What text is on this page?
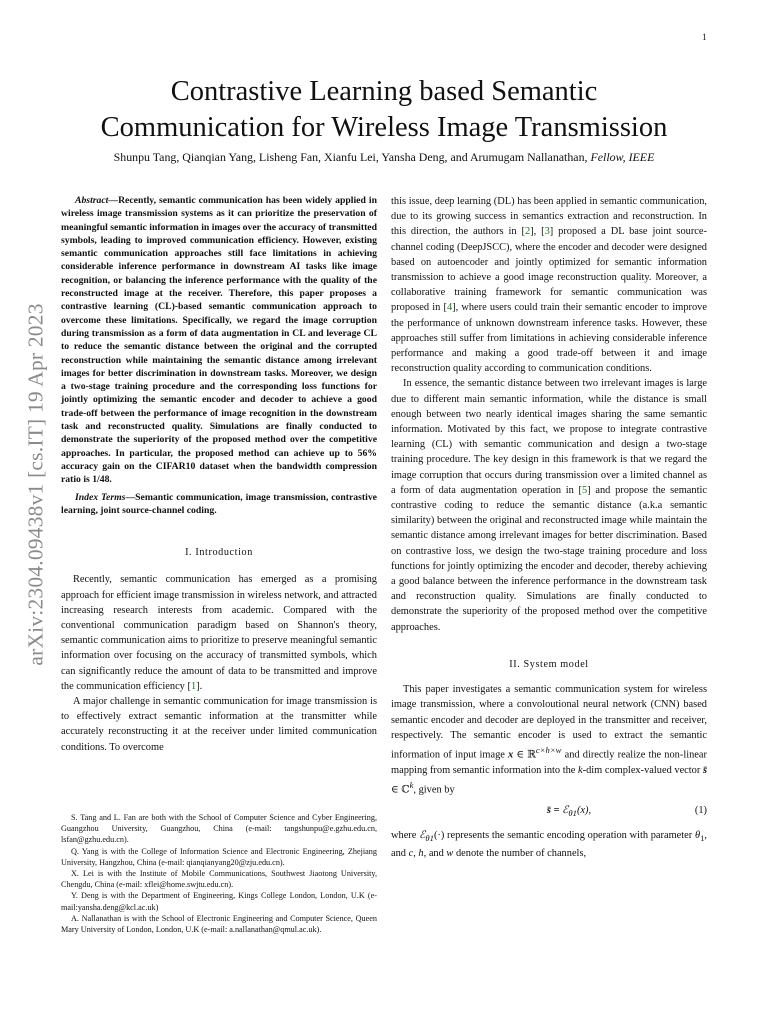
1
arXiv:2304.09438v1 [cs.IT] 19 Apr 2023
Contrastive Learning based Semantic
Communication for Wireless Image Transmission
Shunpu Tang, Qianqian Yang, Lisheng Fan, Xianfu Lei, Yansha Deng, and Arumugam Nallanathan, Fellow, IEEE

Abstract—Recently, semantic communication has been widely applied in wireless image transmission systems as it can prioritize the preservation of meaningful semantic information in images over the accuracy of transmitted symbols, leading to improved communication efficiency. However, existing semantic communication approaches still face limitations in achieving considerable inference performance in downstream AI tasks like image recognition, or balancing the inference performance with the quality of the reconstructed image at the receiver. Therefore, this paper proposes a contrastive learning (CL)-based semantic communication approach to overcome these limitations. Specifically, we regard the image corruption during transmission as a form of data augmentation in CL and leverage CL to reduce the semantic distance between the original and the corrupted reconstruction while maintaining the semantic distance among irrelevant images for better discrimination in downstream tasks. Moreover, we design a two-stage training procedure and the corresponding loss functions for jointly optimizing the semantic encoder and decoder to achieve a good trade-off between the performance of image recognition in the downstream task and reconstructed quality. Simulations are finally conducted to demonstrate the superiority of the proposed method over the competitive approaches. In particular, the proposed method can achieve up to 56% accuracy gain on the CIFAR10 dataset when the bandwidth compression ratio is 1/48.

Index Terms—Semantic communication, image transmission, contrastive learning, joint source-channel coding.

I. Introduction

Recently, semantic communication has emerged as a promising approach for efficient image transmission in wireless network, and attracted increasing research interests from academic. Compared with the conventional communication paradigm based on Shannon's theory, semantic communication aims to prioritize to preserve meaningful semantic information over focusing on the accuracy of transmitted symbols, which can significantly reduce the amount of data to be transmitted and improve the communication efficiency [1].

A major challenge in semantic communication for image transmission is to effectively extract semantic information at the transmitter while accurately reconstructing it at the receiver under limited communication conditions. To overcome

S. Tang and L. Fan are both with the School of Computer Science and Cyber Engineering, Guangzhou University, Guangzhou, China (e-mail: tangshunpu@e.gzhu.edu.cn, lsfan@gzhu.edu.cn).

Q. Yang is with the College of Information Science and Electronic Engineering, Zhejiang University, Hangzhou, China (e-mail: qianqianyang20@zju.edu.cn).

X. Lei is with the Institute of Mobile Communications, Southwest Jiaotong University, Chengdu, China (e-mail: xflei@home.swjtu.edu.cn).

Y. Deng is with the Department of Engineering, Kings College London, London, U.K (e-mail:yansha.deng@kcl.ac.uk)

A. Nallanathan is with the School of Electronic Engineering and Computer Science, Queen Mary University of London, London, U.K (e-mail: a.nallanathan@qmul.ac.uk).

this issue, deep learning (DL) has been applied in semantic communication, due to its growing success in semantics extraction and reconstruction. In this direction, the authors in [2], [3] proposed a DL base joint source-channel coding (DeepJSCC), where the encoder and decoder were designed based on autoencoder and jointly optimized for semantic information transmission to achieve a good image reconstruction quality. Moreover, a collaborative training framework for semantic communication was proposed in [4], where users could train their semantic encoder to improve the performance of unknown downstream inference tasks. However, these approaches still suffer from limitations in achieving considerable inference performance and making a good trade-off between it and image reconstruction quality according to communication conditions.

In essence, the semantic distance between two irrelevant images is large due to different main semantic information, while the distance is small enough between two nearly identical images sharing the same semantic information. Motivated by this fact, we propose to integrate contrastive learning (CL) with semantic communication and design a two-stage training procedure. The key design in this framework is that we regard the image corruption that occurs during transmission over a limited channel as a form of data augmentation operation in [5] and propose the semantic contrastive coding to reduce the semantic distance (a.k.a semantic similarity) between the original and reconstructed image while maintain the semantic distance among irrelevant images for better discrimination. Based on contrastive loss, we design the two-stage training procedure and loss functions for jointly optimizing the encoder and decoder, thereby achieving a good balance between the inference performance in the downstream task and reconstruction quality. Simulations are finally conducted to demonstrate the superiority of the proposed method over the competitive approaches.

II. System model

This paper investigates a semantic communication system for wireless image transmission, where a convoloutional neural network (CNN) based semantic encoder and decoder are deployed in the transmitter and receiver, respectively. The semantic encoder is used to extract the semantic information of input image x ∈ ℝ$^{c\times h\times w}$ and directly realize the non-linear mapping from semantic information into the k-dim complex-valued vector s̄ ∈ ℂ$^k$, given by

s̄ = ℰ$_{\theta 1}$(x),	(1)

where ℰ$_{\theta 1}$(·) represents the semantic encoding operation with parameter $\theta_1$, and c, h, and w denote the number of channels,
